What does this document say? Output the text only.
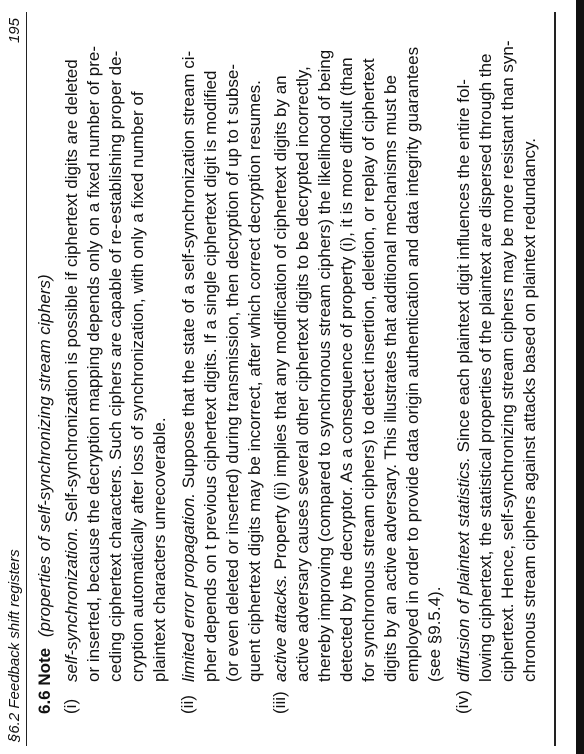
§6.2 Feedback shift registers
195
6.6 Note (properties of self-synchronizing stream ciphers)
(i)
self-synchronization. Self-synchronization is possible if ciphertext digits are deleted or inserted, because the decryption mapping depends only on a ﬁxed number of pre- ceding ciphertext characters. Such ciphers are capable of re-establishing proper de- cryption automatically after loss of synchronization, with only a ﬁxed number of plaintext characters unrecoverable.
(ii)
limited error propagation. Suppose that the state of a self-synchronization stream ci- pher depends on t previous ciphertext digits. If a single ciphertext digit is modiﬁed (or even deleted or inserted) during transmission, then decryption of up to t subse- quent ciphertext digits may be incorrect, after which correct decryption resumes.
(iii)
active attacks. Property (ii) implies that any modiﬁcation of ciphertext digits by an active adversary causes several other ciphertext digits to be decrypted incorrectly, thereby improving (compared to synchronous stream ciphers) the likelihood of being detected by the decryptor. As a consequence of property (i), it is more difﬁcult (than for synchronous stream ciphers) to detect insertion, deletion, or replay of ciphertext digits by an active adversary. This illustrates that additional mechanisms must be employed in order to provide data origin authentication and data integrity guarantees (see §9.5.4).
(iv)
diffusion of plaintext statistics. Since each plaintext digit inﬂuences the entire fol- lowing ciphertext, the statistical properties of the plaintext are dispersed through the ciphertext. Hence, self-synchronizing stream ciphers may be more resistant than syn- chronous stream ciphers against attacks based on plaintext redundancy.
